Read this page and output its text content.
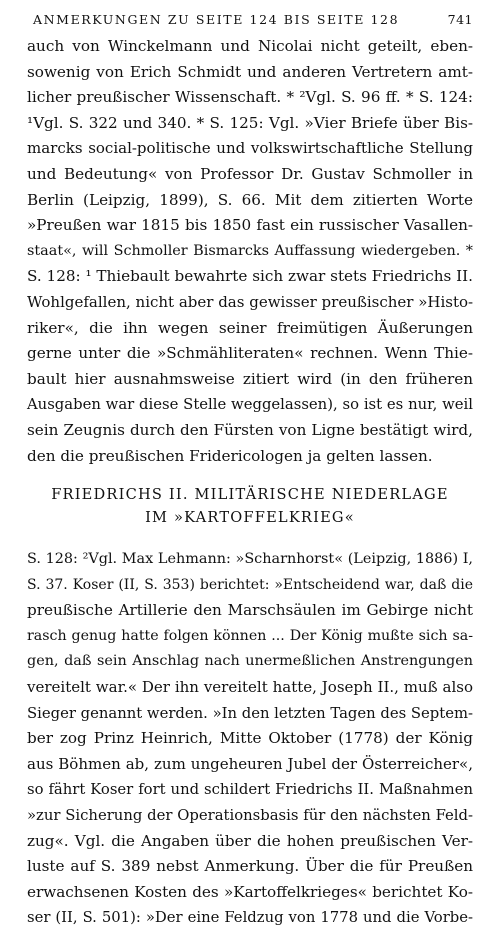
ANMERKUNGEN ZU SEITE 124 BIS SEITE 128	741
auch von Winckelmann und Nicolai nicht geteilt, eben-
sowenig von Erich Schmidt und anderen Vertretern amt-
licher preußischer Wissenschaft. * ²Vgl. S. 96 ff. * S. 124:
¹Vgl. S. 322 und 340. * S. 125: Vgl. »Vier Briefe über Bis-
marcks social-politische und volkswirtschaftliche Stellung
und Bedeutung« von Professor Dr. Gustav Schmoller in
Berlin (Leipzig, 1899), S. 66. Mit dem zitierten Worte
»Preußen war 1815 bis 1850 fast ein russischer Vasallen-
staat«, will Schmoller Bismarcks Auffassung wiedergeben. *
S. 128: ¹ Thiebault bewahrte sich zwar stets Friedrichs II.
Wohlgefallen, nicht aber das gewisser preußischer »Histo-
riker«, die ihn wegen seiner freimütigen Äußerungen
gerne unter die »Schmähliteraten« rechnen. Wenn Thie-
bault hier ausnahmsweise zitiert wird (in den früheren
Ausgaben war diese Stelle weggelassen), so ist es nur, weil
sein Zeugnis durch den Fürsten von Ligne bestätigt wird,
den die preußischen Fridericologen ja gelten lassen.
FRIEDRICHS II. MILITÄRISCHE NIEDERLAGE
IM »KARTOFFELKRIEG«
S. 128: ²Vgl. Max Lehmann: »Scharnhorst« (Leipzig, 1886) I,
S. 37. Koser (II, S. 353) berichtet: »Entscheidend war, daß die
preußische Artillerie den Marschsäulen im Gebirge nicht
rasch genug hatte folgen können ... Der König mußte sich sa-
gen, daß sein Anschlag nach unermeßlichen Anstrengungen
vereitelt war.« Der ihn vereitelt hatte, Joseph II., muß also
Sieger genannt werden. »In den letzten Tagen des Septem-
ber zog Prinz Heinrich, Mitte Oktober (1778) der König
aus Böhmen ab, zum ungeheuren Jubel der Österreicher«,
so fährt Koser fort und schildert Friedrichs II. Maßnahmen
»zur Sicherung der Operationsbasis für den nächsten Feld-
zug«. Vgl. die Angaben über die hohen preußischen Ver-
luste auf S. 389 nebst Anmerkung. Über die für Preußen
erwachsenen Kosten des »Kartoffelkrieges« berichtet Ko-
ser (II, S. 501): »Der eine Feldzug von 1778 und die Vorbe-
